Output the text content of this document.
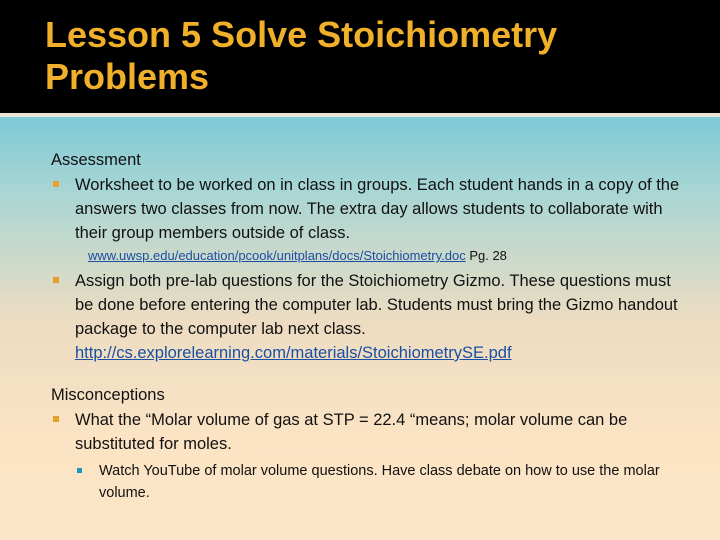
Lesson 5 Solve Stoichiometry Problems

Assessment

Worksheet to be worked on in class in groups. Each student hands in a copy of the answers two classes from now. The extra day allows students to collaborate with their group members outside of class.
www.uwsp.edu/education/pcook/unitplans/docs/Stoichiometry.doc Pg. 28
Assign both pre-lab questions for the Stoichiometry Gizmo. These questions must be done before entering the computer lab. Students must bring the Gizmo handout package to the computer lab next class.
http://cs.explorelearning.com/materials/StoichiometrySE.pdf

Misconceptions

What the “Molar volume of gas at STP = 22.4 “means; molar volume can be substituted for moles.
Watch YouTube of molar volume questions. Have class debate on how to use the molar volume.
